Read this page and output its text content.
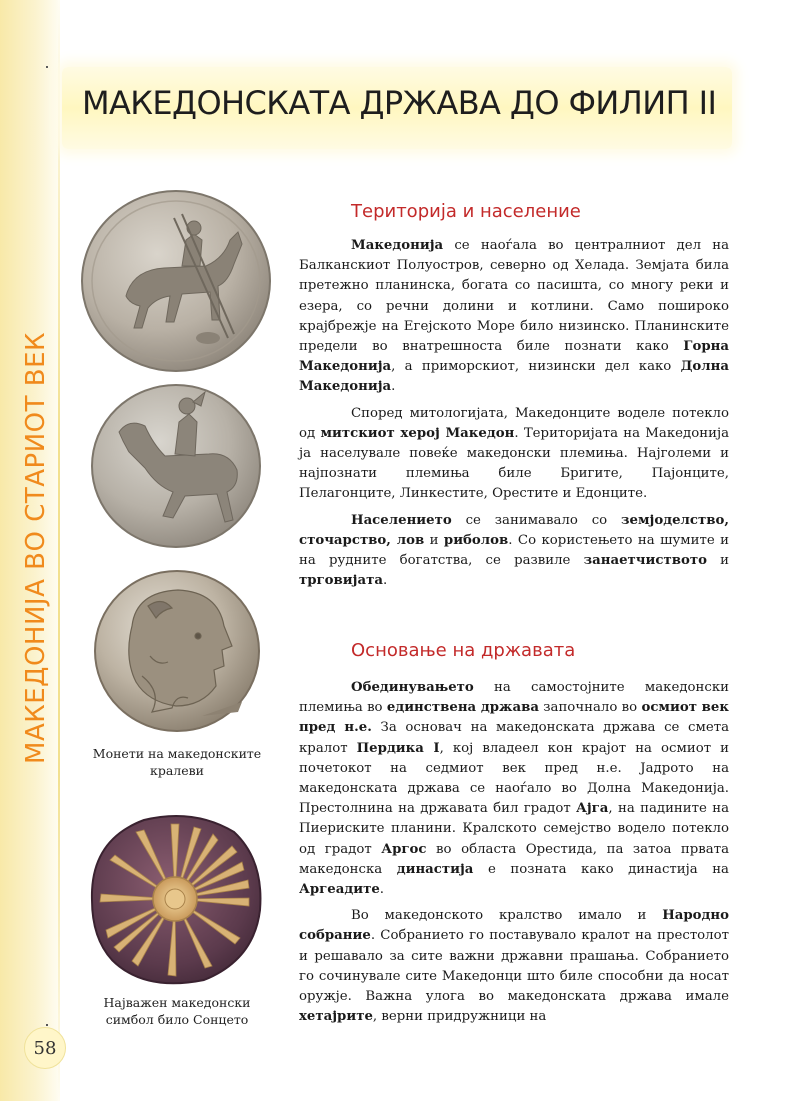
МАКЕДОНИЈА ВО СТАРИОТ ВЕК
58
МАКЕДОНСКАТА ДРЖАВА ДО ФИЛИП II
Монети на македонските кралеви
Најважен македонски симбол било Сонцето
Територија и население

Македонија се наоѓала во централниот дел на Балканскиот Полуостров, северно од Хелада. Земјата била претежно планинска, богата со пасишта, со многу реки и езера, со речни долини и котлини. Само пошироко крајбрежје на Егејското Море било низинско. Планинските предели во внатрешноста биле познати како Горна Македонија, а приморскиот, низински дел како Долна Македонија.

Според митологијата, Македонците воделе потекло од митскиот херој Македон. Територијата на Македонија ја населувале повеќе македонски племиња. Најголеми и најпознати племиња биле Бригите, Пајонците, Пелагонците, Линкестите, Орестите и Едонците.

Населението се занимавало со земјоделство, сточарство, лов и риболов. Со користењето на шумите и на рудните богатства, се развиле занаетчиството и трговијата.

Основање на државата

Обединувањето на самостојните македонски племиња во единствена држава започнало во осмиот век пред н.е. За основач на македонската држава се смета кралот Пердика I, кој владеел кон крајот на осмиот и почетокот на седмиот век пред н.е. Јадрото на македонската држава се наоѓало во Долна Македонија. Престолнина на државата бил градот Ајга, на падините на Пиериските планини. Кралското семејство водело потекло од градот Аргос во областа Орестида, па затоа првата македонска династија е позната како династија на Аргеадите.

Во македонското кралство имало и Народно собрание. Собранието го поставувало кралот на престолот и решавало за сите важни државни прашања. Собранието го сочинувале сите Македонци што биле способни да носат оружје. Важна улога во македонската држава имале хетајрите, верни придружници на
